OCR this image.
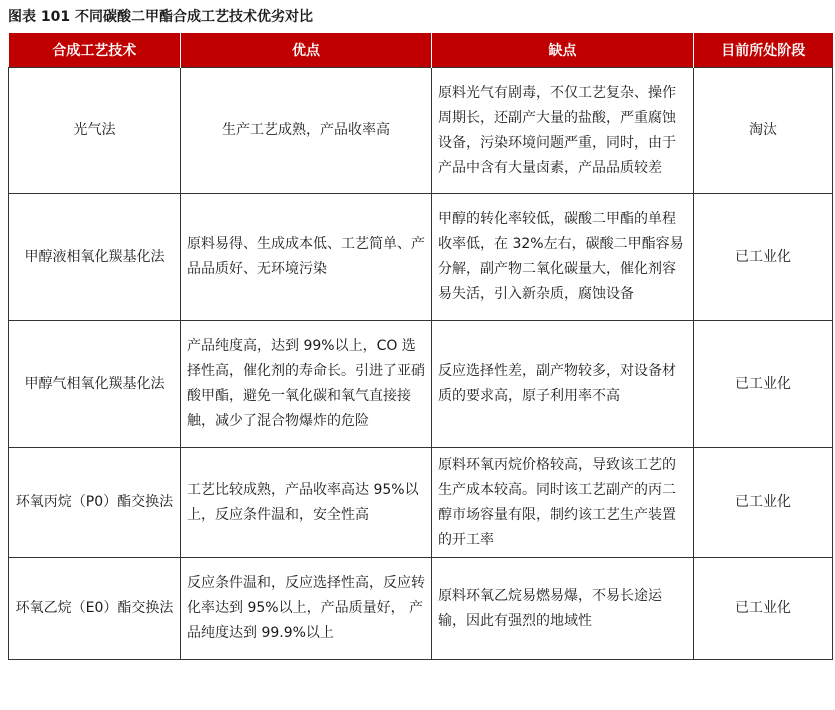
图表 101 不同碳酸二甲酯合成工艺技术优劣对比
合成工艺技术	优点	缺点	目前所处阶段
光气法	生产工艺成熟，产品收率高	原料光气有剧毒，不仅工艺复杂、操作周期长，还副产大量的盐酸，严重腐蚀设备，污染环境问题严重，同时，由于产品中含有大量卤素，产品品质较差	淘汰
甲醇液相氧化羰基化法	原料易得、生成成本低、工艺简单、产品品质好、无环境污染	甲醇的转化率较低，碳酸二甲酯的单程收率低，在 32%左右，碳酸二甲酯容易分解，副产物二氧化碳量大，催化剂容易失活，引入新杂质，腐蚀设备	已工业化
甲醇气相氧化羰基化法	产品纯度高，达到 99%以上，CO 选择性高，催化剂的寿命长。引进了亚硝酸甲酯，避免一氧化碳和氧气直接接触，减少了混合物爆炸的危险	反应选择性差，副产物较多，对设备材质的要求高，原子利用率不高	已工业化
环氧丙烷（P0）酯交换法	工艺比较成熟，产品收率高达 95%以上，反应条件温和，安全性高	原料环氧丙烷价格较高，导致该工艺的生产成本较高。同时该工艺副产的丙二醇市场容量有限，制约该工艺生产装置的开工率	已工业化
环氧乙烷（E0）酯交换法	反应条件温和，反应选择性高，反应转化率达到 95%以上，产品质量好， 产品纯度达到 99.9%以上	原料环氧乙烷易燃易爆，不易长途运输，因此有强烈的地域性	已工业化
